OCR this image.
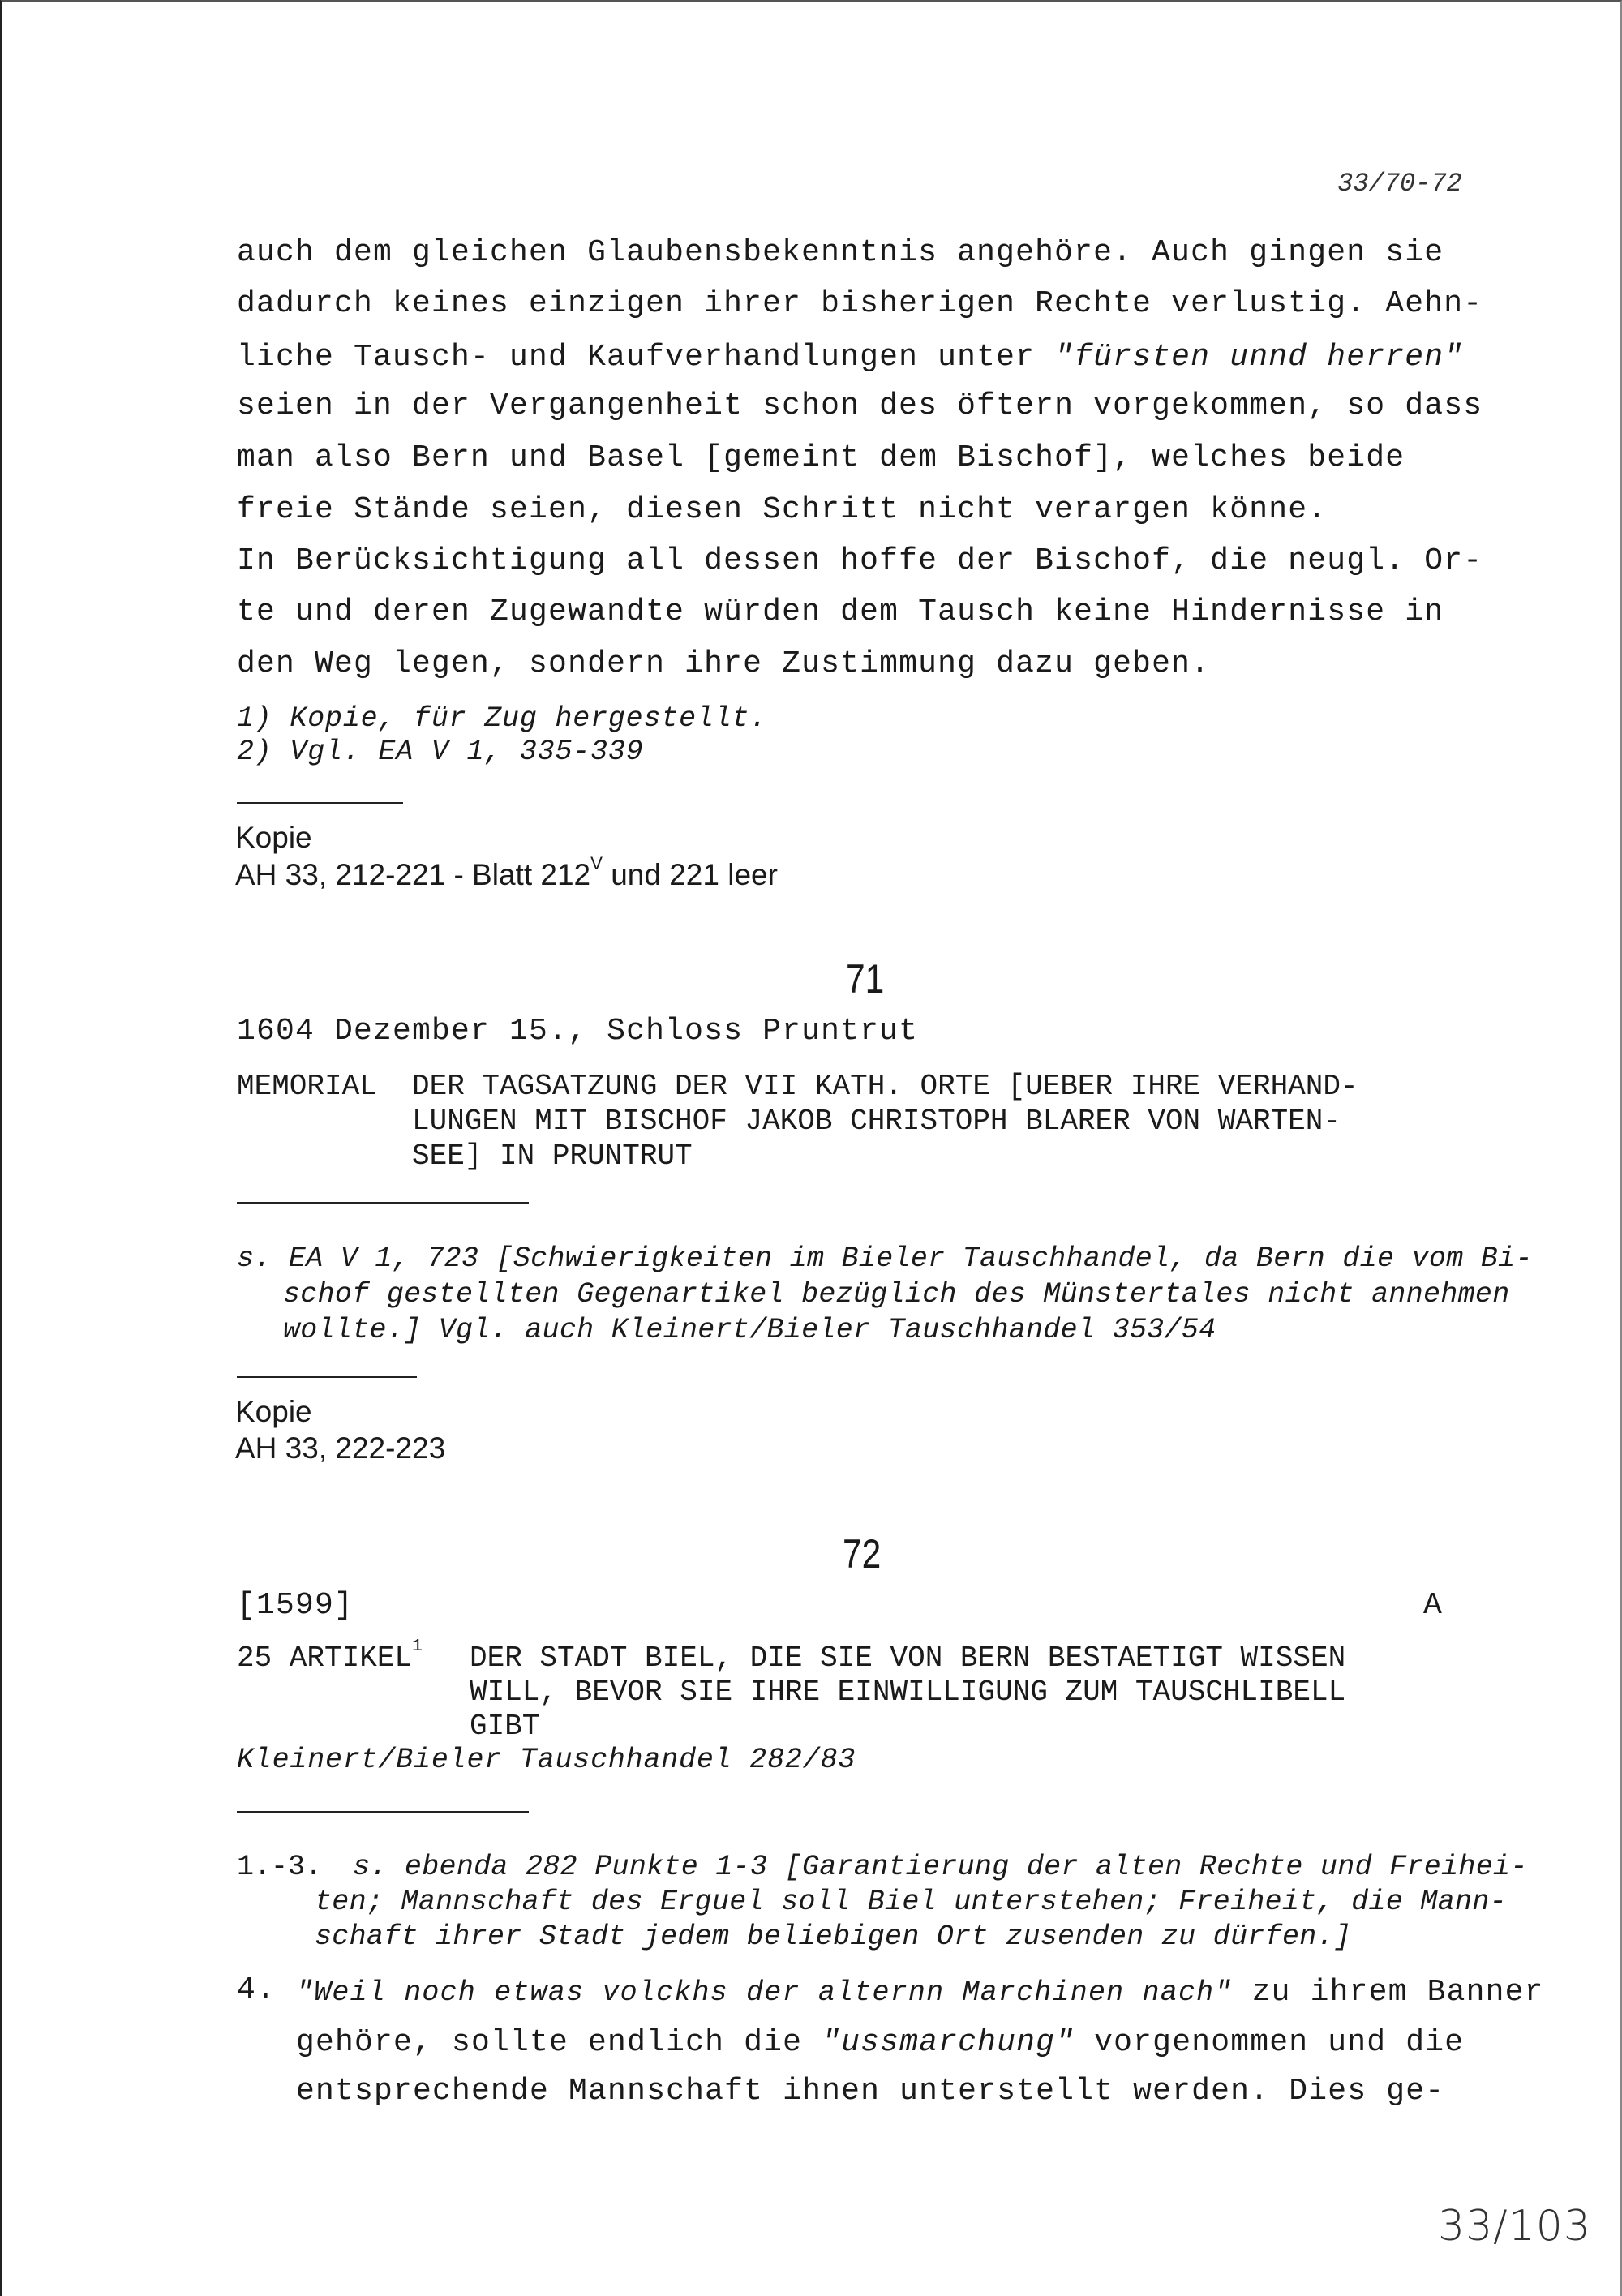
33/70-72
auch dem gleichen Glaubensbekenntnis angehöre. Auch gingen sie
dadurch keines einzigen ihrer bisherigen Rechte verlustig. Aehn-
liche Tausch- und Kaufverhandlungen unter "fürsten unnd herren"
seien in der Vergangenheit schon des öftern vorgekommen, so dass
man also Bern und Basel [gemeint dem Bischof], welches beide
freie Stände seien, diesen Schritt nicht verargen könne.
In Berücksichtigung all dessen hoffe der Bischof, die neugl. Or-
te und deren Zugewandte würden dem Tausch keine Hindernisse in
den Weg legen, sondern ihre Zustimmung dazu geben.
1) Kopie, für Zug hergestellt.
2) Vgl. EA V 1, 335-339
Kopie
AH 33, 212-221 - Blatt $212^V$ und 221 leer
71
1604 Dezember 15., Schloss Pruntrut
MEMORIAL DER TAGSATZUNG DER VII KATH. ORTE [UEBER IHRE VERHAND-
LUNGEN MIT BISCHOF JAKOB CHRISTOPH BLARER VON WARTEN-
SEE] IN PRUNTRUT
s. EA V 1, 723 [Schwierigkeiten im Bieler Tauschhandel, da Bern die vom Bi-
schof gestellten Gegenartikel bezüglich des Münstertales nicht annehmen
wollte.] Vgl. auch Kleinert/Bieler Tauschhandel 353/54
Kopie
AH 33, 222-223
72
[1599]	A
25 ARTIKEL$^1$ DER STADT BIEL, DIE SIE VON BERN BESTAETIGT WISSEN
WILL, BEVOR SIE IHRE EINWILLIGUNG ZUM TAUSCHLIBELL
GIBT
Kleinert/Bieler Tauschhandel 282/83
1.-3. s. ebenda 282 Punkte 1-3 [Garantierung der alten Rechte und Freihei-
ten; Mannschaft des Erguel soll Biel unterstehen; Freiheit, die Mann-
schaft ihrer Stadt jedem beliebigen Ort zusenden zu dürfen.]
4. "Weil noch etwas volckhs der alternn Marchinen nach" zu ihrem Banner
gehöre, sollte endlich die "ussmarchung" vorgenommen und die
entsprechende Mannschaft ihnen unterstellt werden. Dies ge-
33/103
